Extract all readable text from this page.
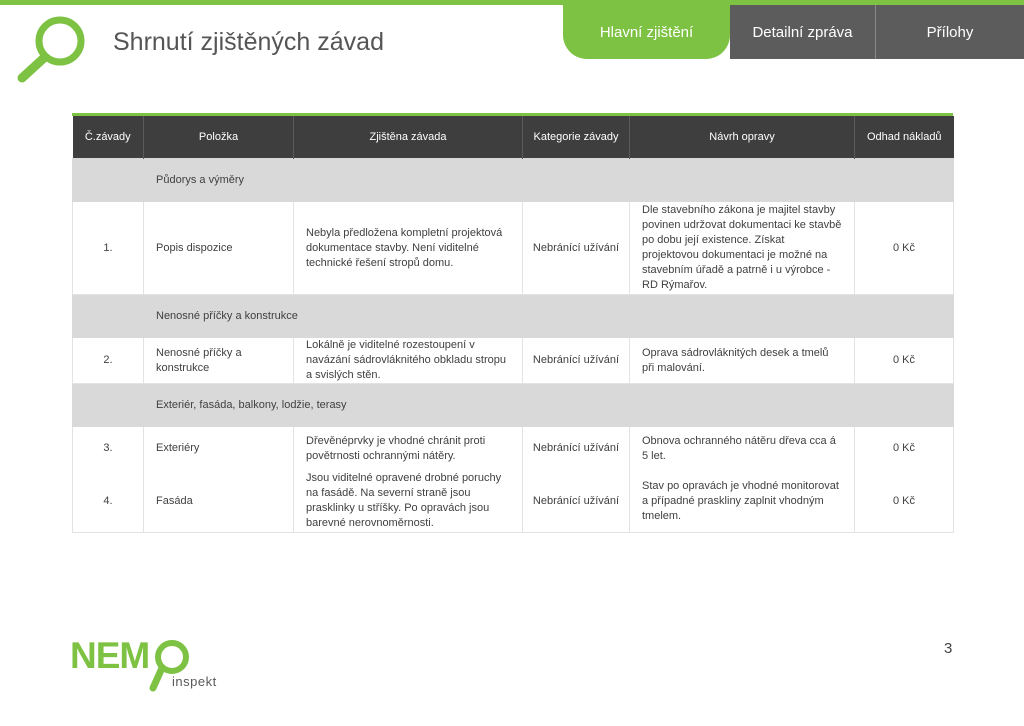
Shrnutí zjištěných závad	Hlavní zjištění	Detailní zpráva	Přílohy
Č.závady	Položka	Zjištěna závada	Kategorie závady	Návrh opravy	Odhad nákladů
	Půdorys a výměry				
1.	Popis dispozice	Nebyla předložena kompletní projektová dokumentace stavby. Není viditelné technické řešení stropů domu.	Nebránící užívání	Dle stavebního zákona je majitel stavby povinen udržovat dokumentaci ke stavbě po dobu její existence. Získat projektovou dokumentaci je možné na stavebním úřadě a patrně i u výrobce - RD Rýmařov.	0 Kč
	Nenosné příčky a konstrukce				
2.	Nenosné příčky a konstrukce	Lokálně je viditelné rozestoupení v navázání sádrovláknitého obkladu stropu a svislých stěn.	Nebránící užívání	Oprava sádrovláknitých desek a tmelů při malování.	0 Kč
	Exteriér, fasáda, balkony, lodžie, terasy				
3.	Exteriéry	Dřevěnéprvky je vhodné chránit proti povětrnosti ochrannými nátěry.	Nebránící užívání	Obnova ochranného nátěru dřeva cca á 5 let.	0 Kč
4.	Fasáda	Jsou viditelné opravené drobné poruchy na fasádě. Na severní straně jsou prasklinky u stříšky. Po opravách jsou barevné nerovnoměrnosti.	Nebránící užívání	Stav po opravách je vhodné monitorovat a případné praskliny zaplnit vhodným tmelem.	0 Kč
NEM
inspekt
3
